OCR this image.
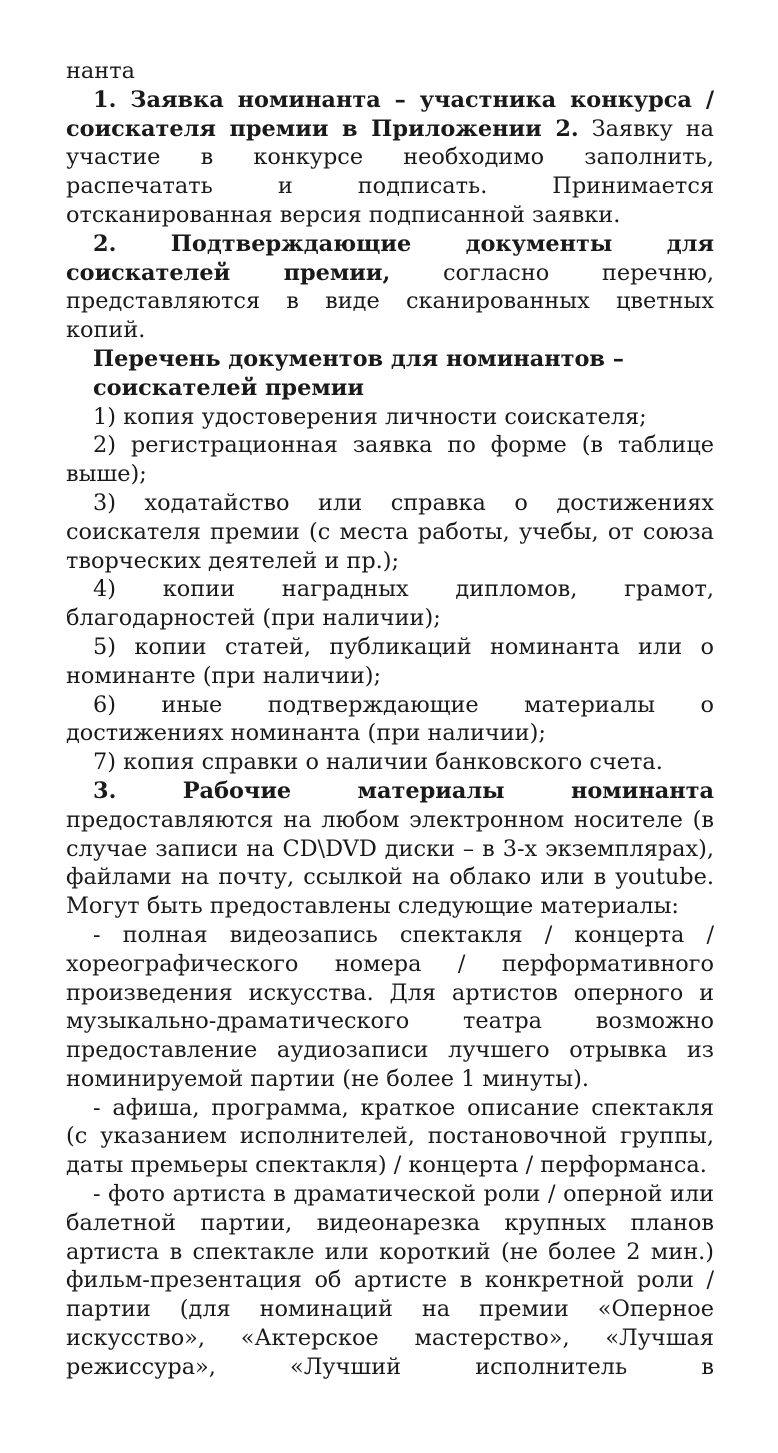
нанта

1. Заявка номинанта – участника конкурса / соискателя премии в Приложении 2. Заявку на участие в конкурсе необходимо заполнить, распечатать и подписать. Принимается отсканированная версия подписанной заявки.

2. Подтверждающие документы для соискателей премии, согласно перечню, представляются в виде сканированных цветных копий.

Перечень документов для номинантов –
соискателей премии

1) копия удостоверения личности соискателя;

2) регистрационная заявка по форме (в таблице выше);

3) ходатайство или справка о достижениях соискателя премии (с места работы, учебы, от союза творческих деятелей и пр.);

4) копии наградных дипломов, грамот, благодарностей (при наличии);

5) копии статей, публикаций номинанта или о номинанте (при наличии);

6) иные подтверждающие материалы о достижениях номинанта (при наличии);

7) копия справки о наличии банковского счета.

3. Рабочие материалы номинанта предоставляются на любом электронном носителе (в случае записи на CD\DVD диски – в 3-х экземплярах), файлами на почту, ссылкой на облако или в youtube. Могут быть предоставлены следующие материалы:

- полная видеозапись спектакля / концерта / хореографического номера / перформативного произведения искусства. Для артистов оперного и музыкально-драматического театра возможно предоставление аудиозаписи лучшего отрывка из номинируемой партии (не более 1 минуты).

- афиша, программа, краткое описание спектакля (с указанием исполнителей, постановочной группы, даты премьеры спектакля) / концерта / перформанса.

- фото артиста в драматической роли / оперной или балетной партии, видеонарезка крупных планов артиста в спектакле или короткий (не более 2 мин.) фильм-презентация об артисте в конкретной роли / партии (для номинаций на премии «Оперное искусство», «Актерское мастерство», «Лучшая режиссура», «Лучший исполнитель в
